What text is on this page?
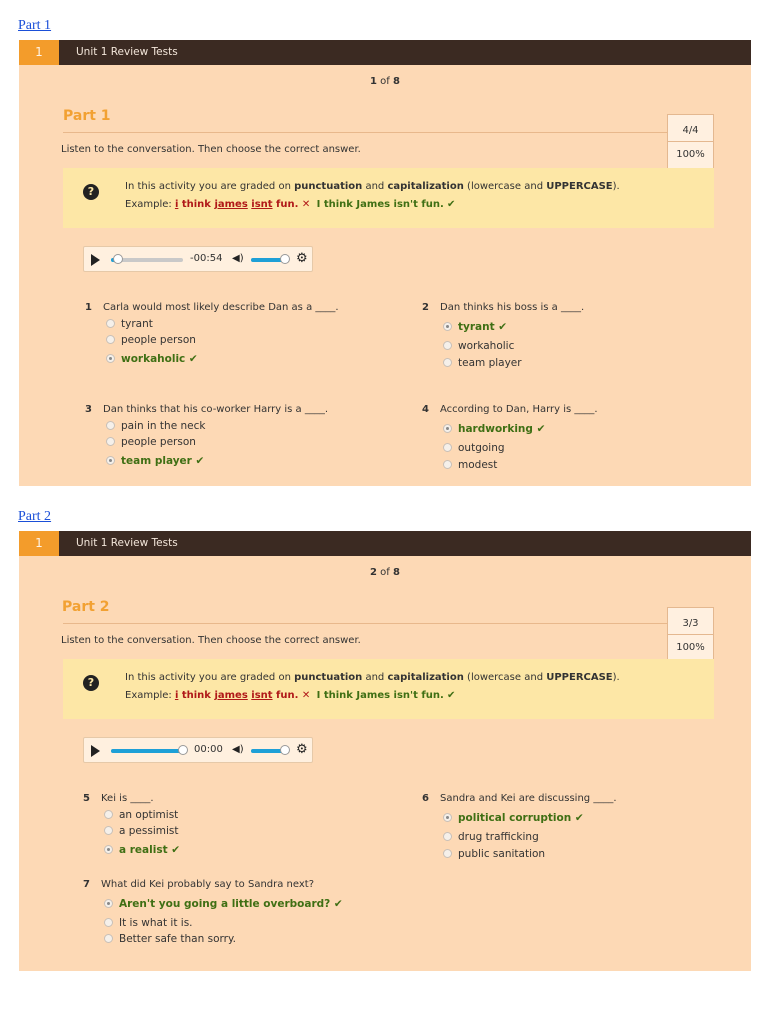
Part 1
1	Unit 1 Review Tests
1 of 8
Part 1
4/4
100%
Listen to the conversation. Then choose the correct answer.
?	In this activity you are graded on punctuation and capitalization (lowercase and UPPERCASE).
Example: i think james isnt fun. ✕ I think James isn't fun. ✔
-00:54 ◀)	⚙
1 Carla would most likely describe Dan as a ____.
tyrant
people person
workaholic ✔
2 Dan thinks his boss is a ____.
tyrant ✔
workaholic
team player
3 Dan thinks that his co-worker Harry is a ____.
pain in the neck
people person
team player ✔
4 According to Dan, Harry is ____.
hardworking ✔
outgoing
modest
Part 2
1	Unit 1 Review Tests
2 of 8
Part 2
3/3
100%
Listen to the conversation. Then choose the correct answer.
?	In this activity you are graded on punctuation and capitalization (lowercase and UPPERCASE).
Example: i think james isnt fun. ✕ I think James isn't fun. ✔
00:00 ◀)	⚙
5 Kei is ____.
an optimist
a pessimist
a realist ✔
6 Sandra and Kei are discussing ____.
political corruption ✔
drug trafficking
public sanitation
7 What did Kei probably say to Sandra next?
Aren't you going a little overboard? ✔
It is what it is.
Better safe than sorry.
